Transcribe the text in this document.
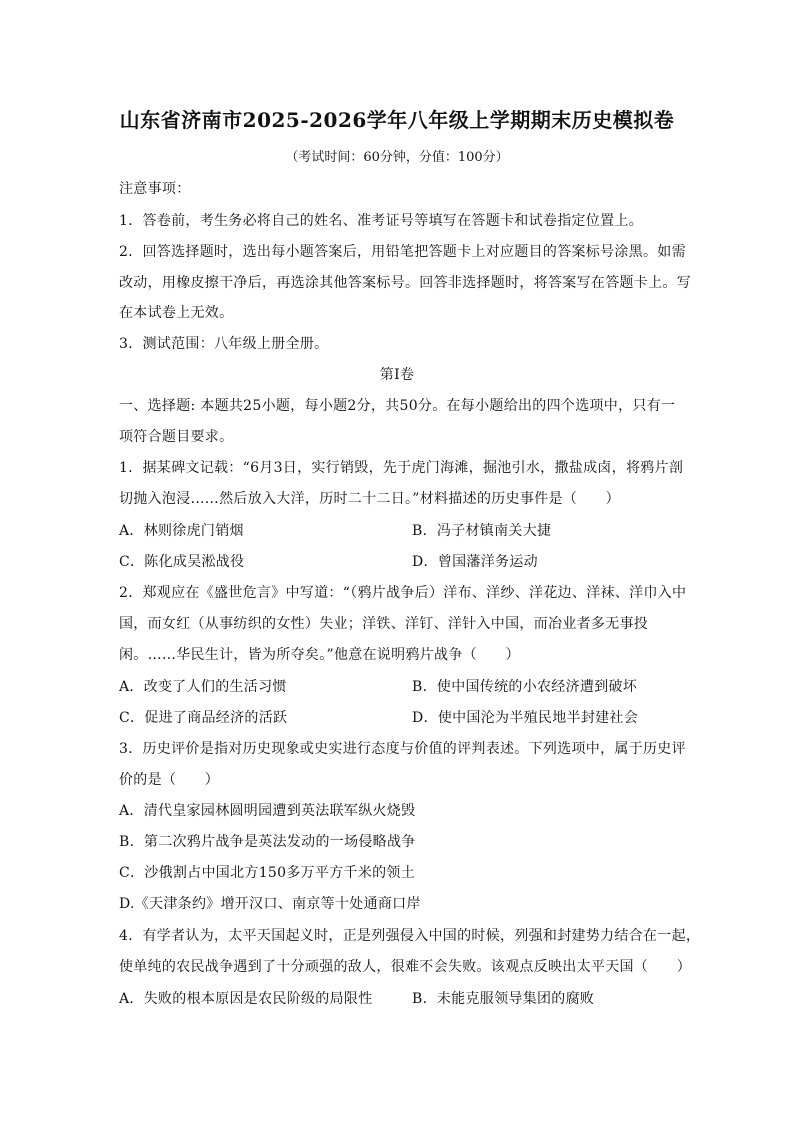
山东省济南市2025-2026学年八年级上学期期末历史模拟卷
（考试时间：60分钟，分值：100分）
注意事项：
1．答卷前，考生务必将自己的姓名、准考证号等填写在答题卡和试卷指定位置上。
2．回答选择题时，选出每小题答案后，用铅笔把答题卡上对应题目的答案标号涂黑。如需
改动，用橡皮擦干净后，再选涂其他答案标号。回答非选择题时，将答案写在答题卡上。写
在本试卷上无效。
3．测试范围：八年级上册全册。
第I卷
一、选择题: 本题共25小题，每小题2分，共50分。在每小题给出的四个选项中，只有一
项符合题目要求。
1．据某碑文记载：“6月3日，实行销毁，先于虎门海滩，掘池引水，撒盐成卤，将鸦片剖
切抛入泡浸……然后放入大洋，历时二十二日。”材料描述的历史事件是（　　）
A．林则徐虎门销烟	B．冯子材镇南关大捷
C．陈化成吴淞战役	D．曾国藩洋务运动
2．郑观应在《盛世危言》中写道：“（鸦片战争后）洋布、洋纱、洋花边、洋袜、洋巾入中
国，而女红（从事纺织的女性）失业；洋铁、洋钉、洋针入中国，而冶业者多无事投
闲。……华民生计，皆为所夺矣。”他意在说明鸦片战争（　　）
A．改变了人们的生活习惯	B．使中国传统的小农经济遭到破坏
C．促进了商品经济的活跃	D．使中国沦为半殖民地半封建社会
3．历史评价是指对历史现象或史实进行态度与价值的评判表述。下列选项中，属于历史评
价的是（　　）
A．清代皇家园林圆明园遭到英法联军纵火烧毁
B．第二次鸦片战争是英法发动的一场侵略战争
C．沙俄割占中国北方150多万平方千米的领土
D.《天津条约》增开汉口、南京等十处通商口岸
4．有学者认为，太平天国起义时，正是列强侵入中国的时候，列强和封建势力结合在一起，
使单纯的农民战争遇到了十分顽强的敌人，很难不会失败。该观点反映出太平天国（　　）
A．失败的根本原因是农民阶级的局限性	B．未能克服领导集团的腐败
